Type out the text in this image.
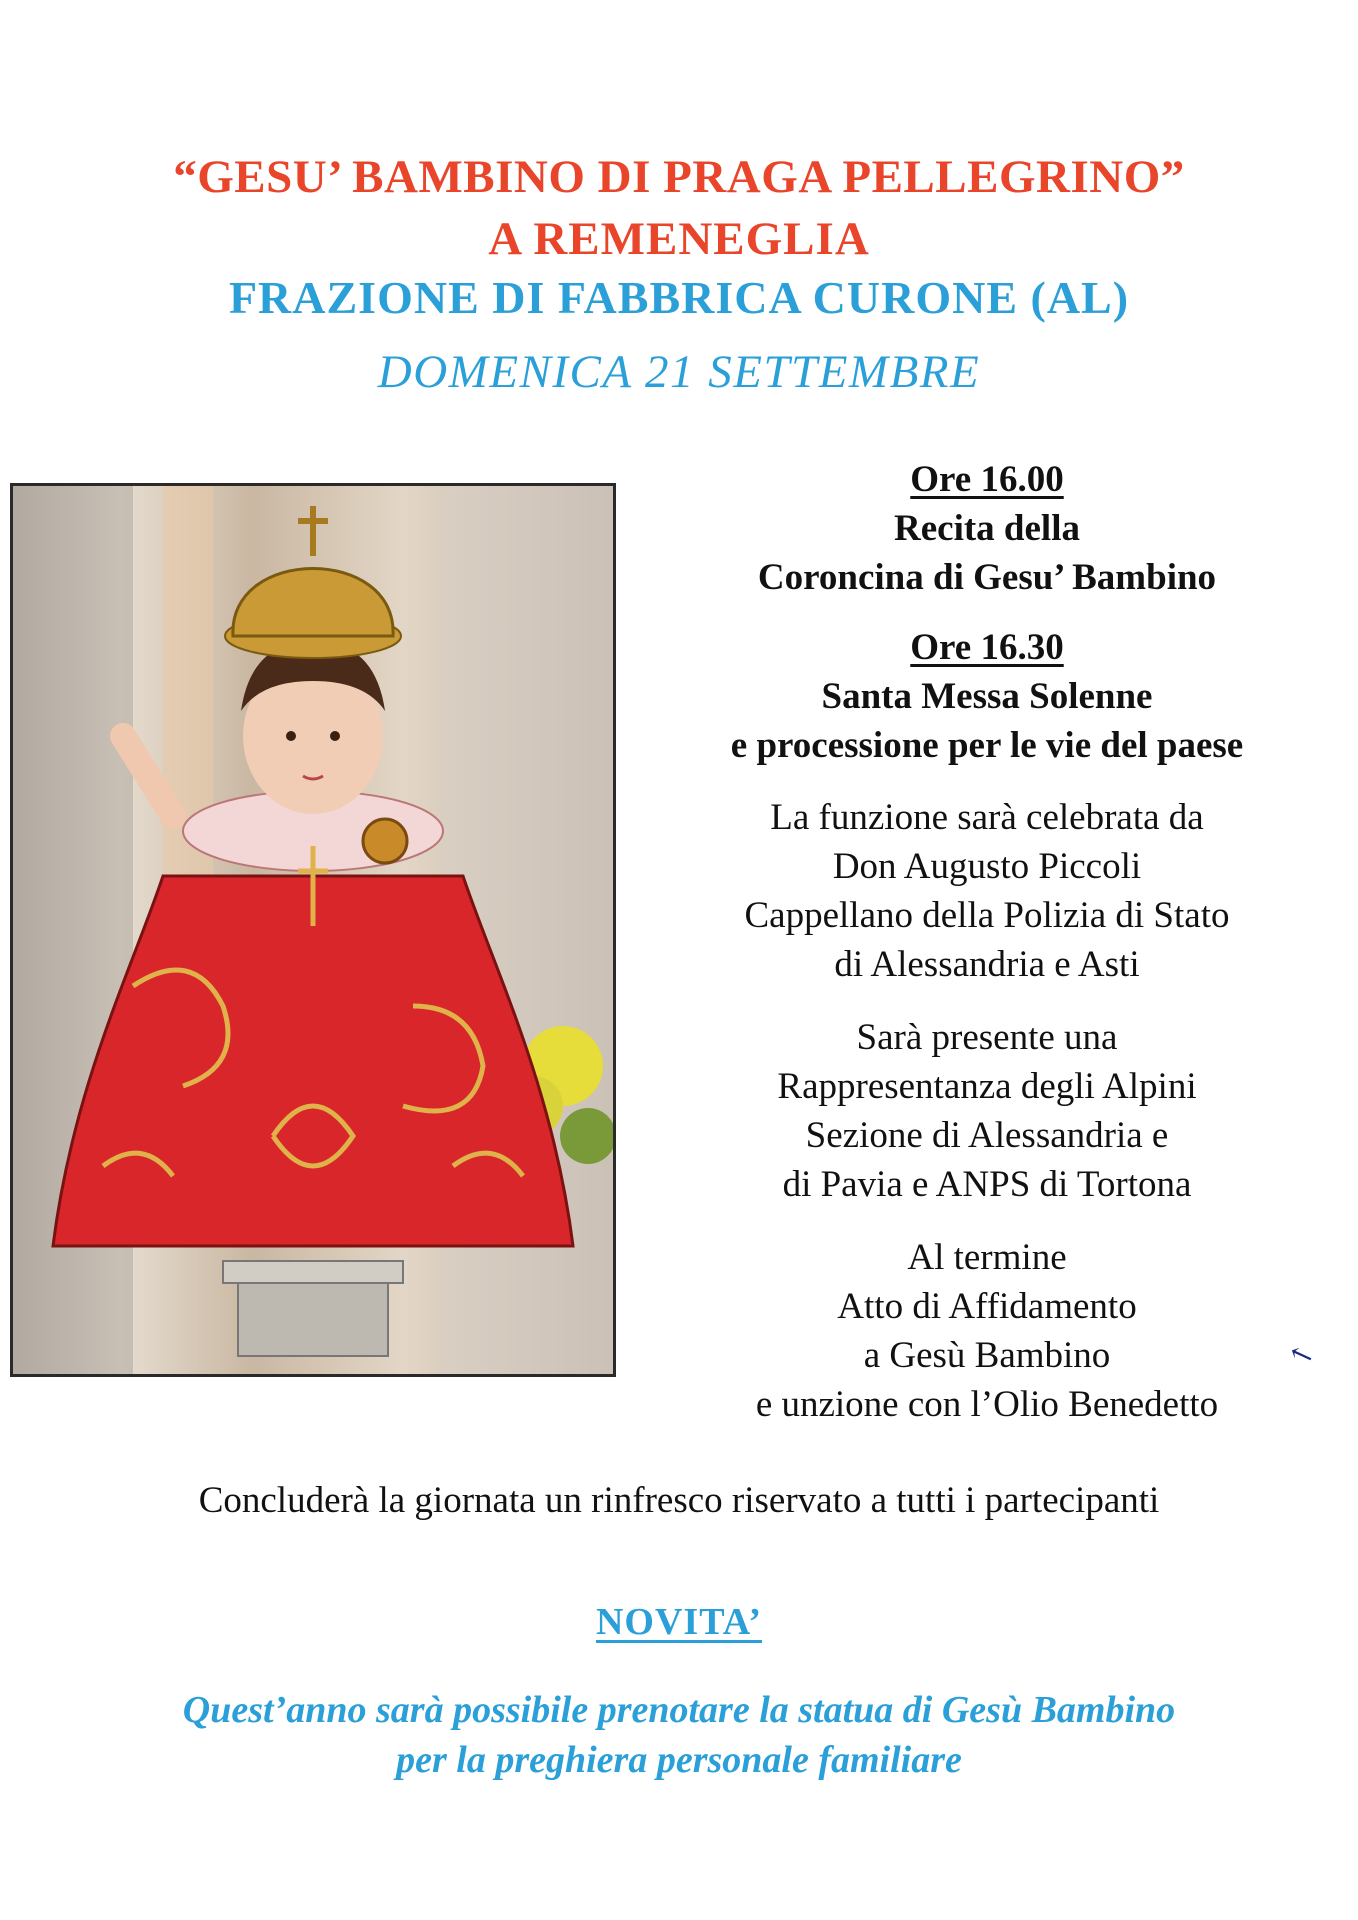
“GESU’ BAMBINO DI PRAGA PELLEGRINO”
A REMENEGLIA
FRAZIONE DI FABBRICA CURONE (AL)
DOMENICA 21 SETTEMBRE
Ore 16.00
Recita della
Coroncina di Gesu’ Bambino
Ore 16.30
Santa Messa Solenne
e processione per le vie del paese
La funzione sarà celebrata da
Don Augusto Piccoli
Cappellano della Polizia di Stato
di Alessandria e Asti
Sarà presente una
Rappresentanza degli Alpini
Sezione di Alessandria e
di Pavia e ANPS di Tortona
Al termine
Atto di Affidamento
a Gesù Bambino
e unzione con l’Olio Benedetto
Concluderà la giornata un rinfresco riservato a tutti i partecipanti
NOVITA’
Quest’anno sarà possibile prenotare la statua di Gesù Bambino
per la preghiera personale familiare
↖
